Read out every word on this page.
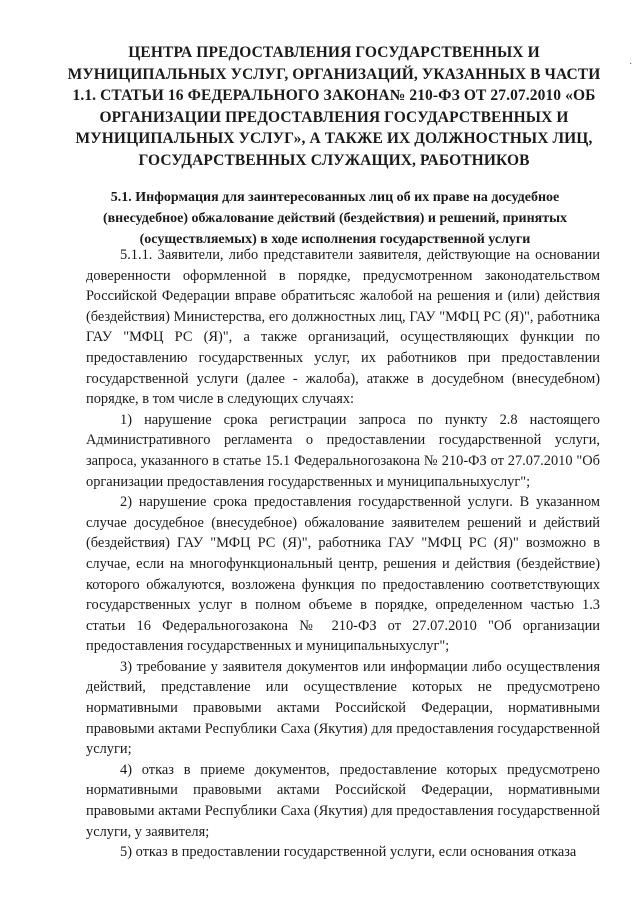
·
ЦЕНТРА ПРЕДОСТАВЛЕНИЯ ГОСУДАРСТВЕННЫХ И МУНИЦИПАЛЬНЫХ УСЛУГ, ОРГАНИЗАЦИЙ, УКАЗАННЫХ В ЧАСТИ 1.1. СТАТЬИ 16 ФЕДЕРАЛЬНОГО ЗАКОНА№ 210-ФЗ ОТ 27.07.2010 «ОБ ОРГАНИЗАЦИИ ПРЕДОСТАВЛЕНИЯ ГОСУДАРСТВЕННЫХ И МУНИЦИПАЛЬНЫХ УСЛУГ», А ТАКЖЕ ИХ ДОЛЖНОСТНЫХ ЛИЦ, ГОСУДАРСТВЕННЫХ СЛУЖАЩИХ, РАБОТНИКОВ
5.1. Информация для заинтересованных лиц об их праве на досудебное (внесудебное) обжалование действий (бездействия) и решений, принятых (осуществляемых) в ходе исполнения государственной услуги

5.1.1. Заявители, либо представители заявителя, действующие на основании доверенности оформленной в порядке, предусмотренном законодательством Российской Федерации вправе обратитьсяс жалобой на решения и (или) действия (бездействия) Министерства, его должностных лиц, ГАУ "МФЦ РС (Я)", работника ГАУ "МФЦ РС (Я)", а также организаций, осуществляющих функции по предоставлению государственных услуг, их работников при предоставлении государственной услуги (далее - жалоба), атакже в досудебном (внесудебном) порядке, в том числе в следующих случаях:

1) нарушение срока регистрации запроса по пункту 2.8 настоящего Административного регламента о предоставлении государственной услуги, запроса, указанного в статье 15.1 Федеральногозакона № 210-ФЗ от 27.07.2010 "Об организации предоставления государственных и муниципальныхуслуг";

2) нарушение срока предоставления государственной услуги. В указанном случае досудебное (внесудебное) обжалование заявителем решений и действий (бездействия) ГАУ "МФЦ РС (Я)", работника ГАУ "МФЦ РС (Я)" возможно в случае, если на многофункциональный центр, решения и действия (бездействие) которого обжалуются, возложена функция по предоставлению соответствующих государственных услуг в полном объеме в порядке, определенном частью 1.3 статьи 16 Федеральногозакона № 210-ФЗ от 27.07.2010 "Об организации предоставления государственных и муниципальныхуслуг";

3) требование у заявителя документов или информации либо осуществления действий, представление или осуществление которых не предусмотрено нормативными правовыми актами Российской Федерации, нормативными правовыми актами Республики Саха (Якутия) для предоставления государственной услуги;

4) отказ в приеме документов, предоставление которых предусмотрено нормативными правовыми актами Российской Федерации, нормативными правовыми актами Республики Саха (Якутия) для предоставления государственной услуги, у заявителя;

5) отказ в предоставлении государственной услуги, если основания отказа
